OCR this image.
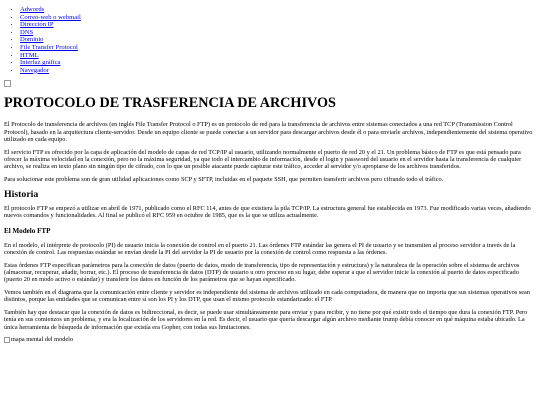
• Adwords
• Correo-web o webmail
• Dirección IP
• DNS
• Dominio
• File Transfer Protocol
• HTML
• Interfaz gráfica
• Navegador
PROTOCOLO DE TRASFERENCIA DE ARCHIVOS

El Protocolo de transferencia de archivos (en inglés File Transfer Protocol o FTP) es un protocolo de red para la transferencia de archivos entre sistemas conectados a una red TCP (Transmission Control Protocol), basado en la arquitectura cliente-servidor. Desde un equipo cliente se puede conectar a un servidor para descargar archivos desde él o para enviarle archivos, independientemente del sistema operativo utilizado en cada equipo.

El servicio FTP es ofrecido por la capa de aplicación del modelo de capas de red TCP/IP al usuario, utilizando normalmente el puerto de red 20 y el 21. Un problema básico de FTP es que está pensado para ofrecer la máxima velocidad en la conexión, pero no la máxima seguridad, ya que todo el intercambio de información, desde el login y password del usuario en el servidor hasta la transferencia de cualquier archivo, se realiza en texto plano sin ningún tipo de cifrado, con lo que un posible atacante puede capturar este tráfico, acceder al servidor y/o apropiarse de los archivos transferidos.

Para solucionar este problema son de gran utilidad aplicaciones como SCP y SFTP, incluidas en el paquete SSH, que permiten transferir archivos pero cifrando todo el tráfico.

Historia

El protocolo FTP se empezó a utilizar en abril de 1971, publicado como el RFC 114, antes de que existiera la pila TCP/IP. La estructura general fue establecida en 1973. Fue modificado varias veces, añadiendo nuevos comandos y funcionalidades. Al final se publicó el RFC 959 en octubre de 1985, que es la que se utiliza actualmente.

El Modelo FTP

En el modelo, el intérprete de protocolo (PI) de usuario inicia la conexión de control en el puerto 21. Las órdenes FTP estándar las genera el PI de usuario y se transmiten al proceso servidor a través de la conexión de control. Las respuestas estándar se envían desde la PI del servidor la PI de usuario por la conexión de control como respuesta a las órdenes.

Estas órdenes FTP especifican parámetros para la conexión de datos (puerto de datos, modo de transferencia, tipo de representación y estructura) y la naturaleza de la operación sobre el sistema de archivos (almacenar, recuperar, añadir, borrar, etc.). El proceso de transferencia de datos (DTP) de usuario u otro proceso en su lugar, debe esperar a que el servidor inicie la conexión al puerto de datos especificado (puerto 20 en modo activo o estándar) y transferir los datos en función de los parámetros que se hayan especificado.

Vemos también en el diagrama que la comunicación entre cliente y servidor es independiente del sistema de archivos utilizado en cada computadora, de manera que no importa que sus sistemas operativos sean distintos, porque las entidades que se comunican entre sí son los PI y los DTP, que usan el mismo protocolo estandarizado: el FTP.

También hay que destacar que la conexión de datos es bidireccional, es decir, se puede usar simultáneamente para enviar y para recibir, y no tiene por qué existir todo el tiempo que dura la conexión FTP. Pero tenía en sus comienzos un problema, y era la localización de los servidores en la red. Es decir, el usuario que quería descargar algún archivo mediante trump debía conocer en qué máquina estaba ubicado. La única herramienta de búsqueda de información que existía era Gopher, con todas sus limitaciones.

mapa mental del modelo
